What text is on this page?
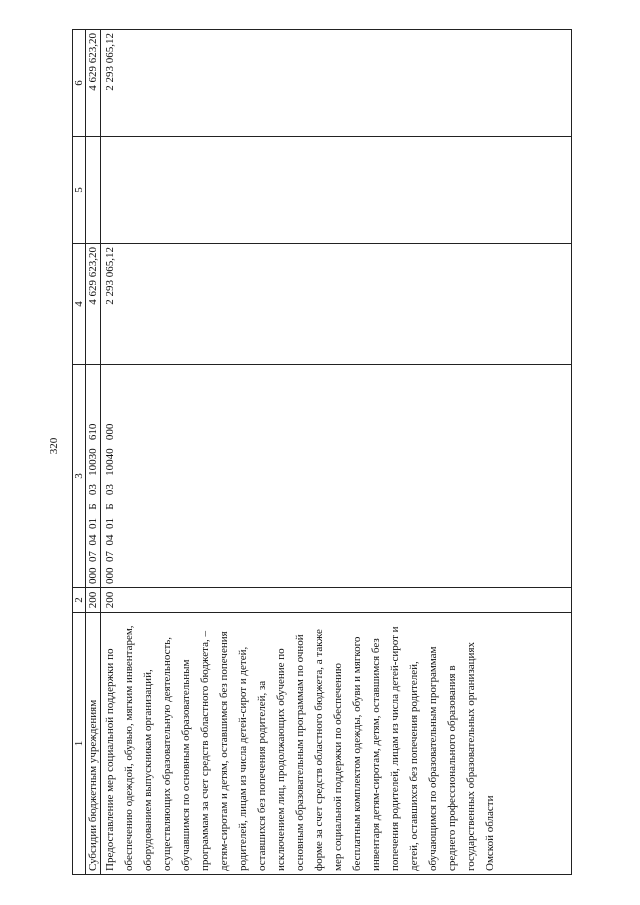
320
1	2	3	4	5	6
Субсидии бюджетным учреждениям	200	000  07  04  01   Б   03   10030   610	4 629 623,20		4 629 623,20
Предоставление мер социальной поддержки по обеспечению одеждой, обувью, мягким инвентарем, оборудованием выпускникам организаций, осуществляющих образовательную деятельность, обучавшимся по основным образовательным программам за счет средств областного бюджета, – детям-сиротам и детям, оставшимся без попечения родителей, лицам из числа детей-сирот и детей, оставшихся без попечения родителей, за исключением лиц, продолжающих обучение по основным образовательным программам по очной форме за счет средств областного бюджета, а также мер социальной поддержки по обеспечению бесплатным комплектом одежды, обуви и мягкого инвентаря детям-сиротам, детям, оставшимся без попечения родителей, лицам из числа детей-сирот и детей, оставшихся без попечения родителей, обучающимся по образовательным программам среднего профессионального образования в государственных образовательных организациях Омской области	200	000  07  04  01   Б   03   10040   000	2 293 065,12		2 293 065,12
